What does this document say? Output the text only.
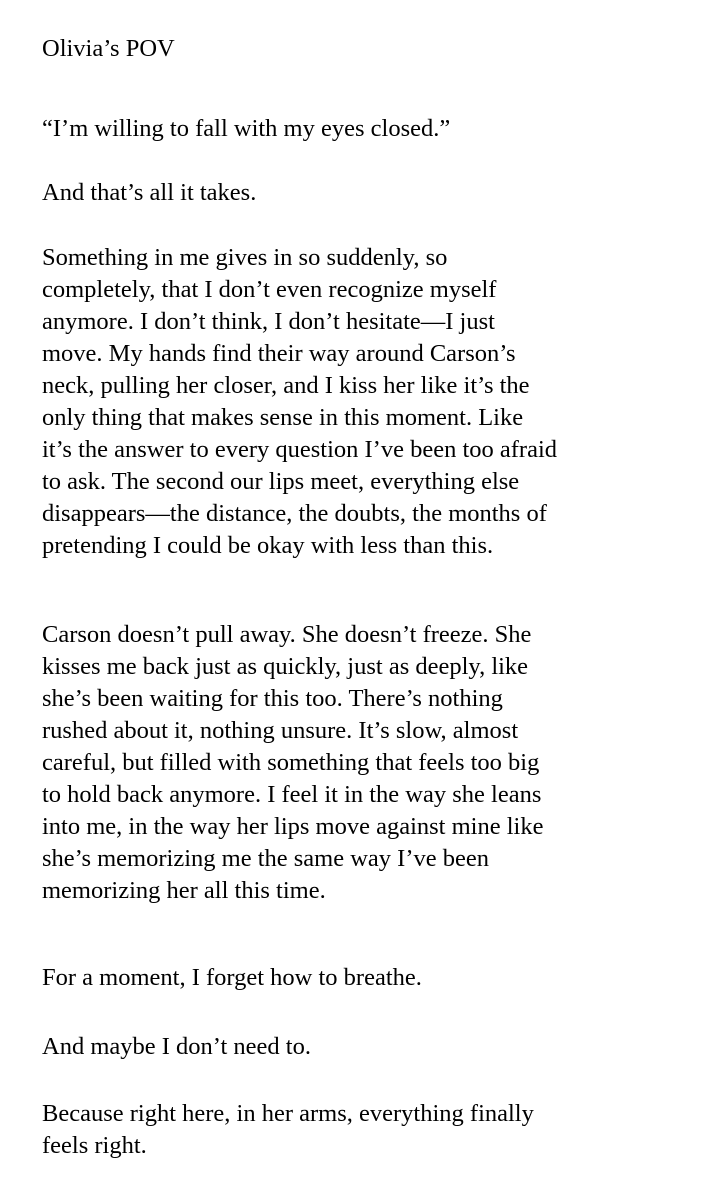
Olivia’s POV

“I’m willing to fall with my eyes closed.”

And that’s all it takes.

Something in me gives in so suddenly, so
completely, that I don’t even recognize myself
anymore. I don’t think, I don’t hesitate—I just
move. My hands find their way around Carson’s
neck, pulling her closer, and I kiss her like it’s the
only thing that makes sense in this moment. Like
it’s the answer to every question I’ve been too afraid
to ask. The second our lips meet, everything else
disappears—the distance, the doubts, the months of
pretending I could be okay with less than this.

Carson doesn’t pull away. She doesn’t freeze. She
kisses me back just as quickly, just as deeply, like
she’s been waiting for this too. There’s nothing
rushed about it, nothing unsure. It’s slow, almost
careful, but filled with something that feels too big
to hold back anymore. I feel it in the way she leans
into me, in the way her lips move against mine like
she’s memorizing me the same way I’ve been
memorizing her all this time.

For a moment, I forget how to breathe.

And maybe I don’t need to.

Because right here, in her arms, everything finally
feels right.
